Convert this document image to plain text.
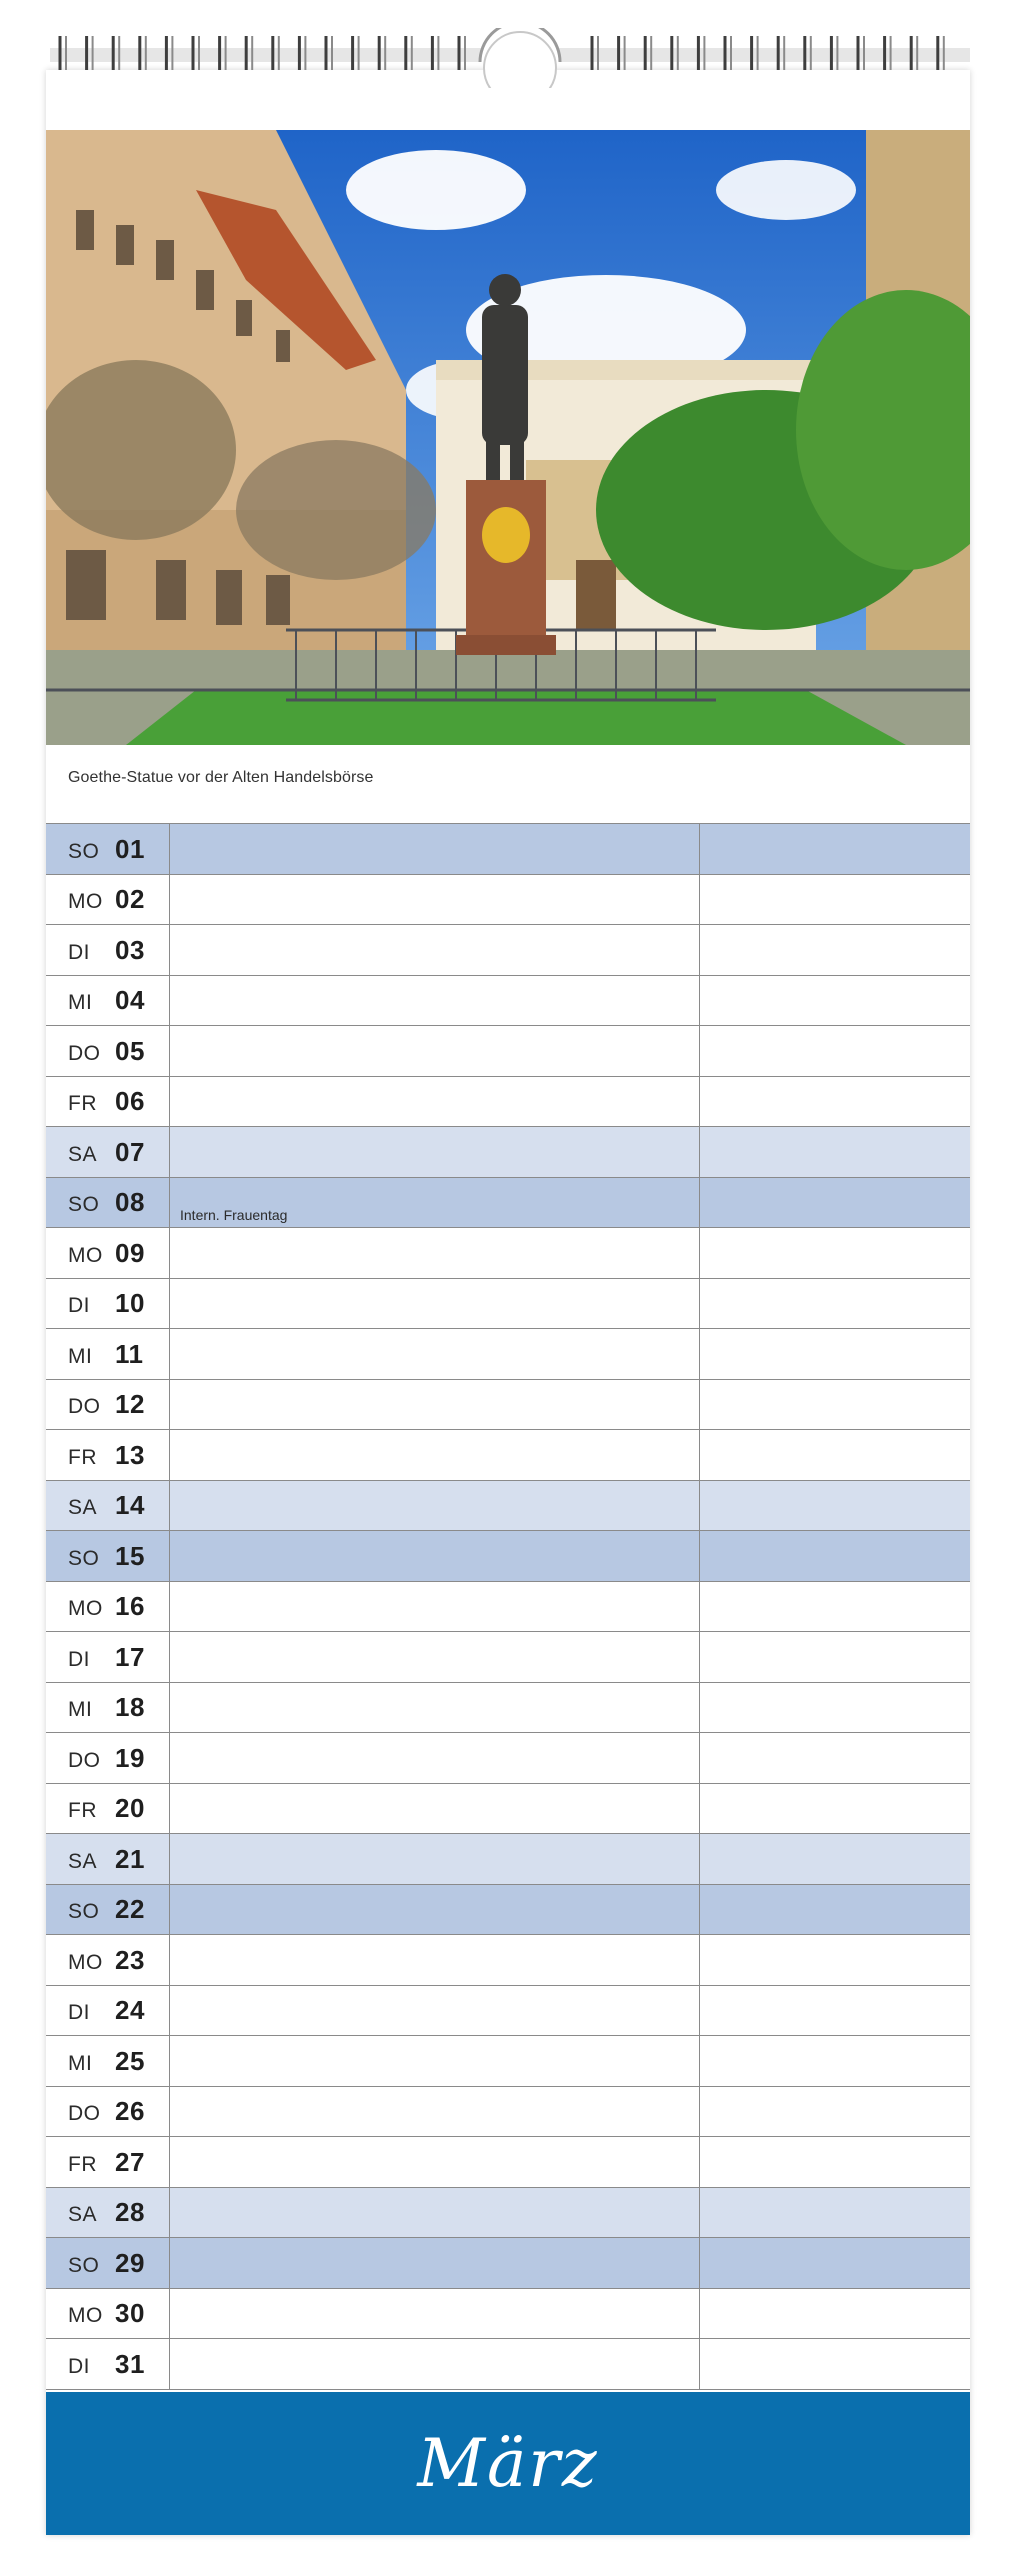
Goethe-Statue vor der Alten Handelsbörse
SO 01
MO 02
DI 03
MI 04
DO 05
FR 06
SA 07
SO 08	Intern. Frauentag
MO 09
DI 10
MI 11
DO 12
FR 13
SA 14
SO 15
MO 16
DI 17
MI 18
DO 19
FR 20
SA 21
SO 22
MO 23
DI 24
MI 25
DO 26
FR 27
SA 28
SO 29
MO 30
DI 31
März
